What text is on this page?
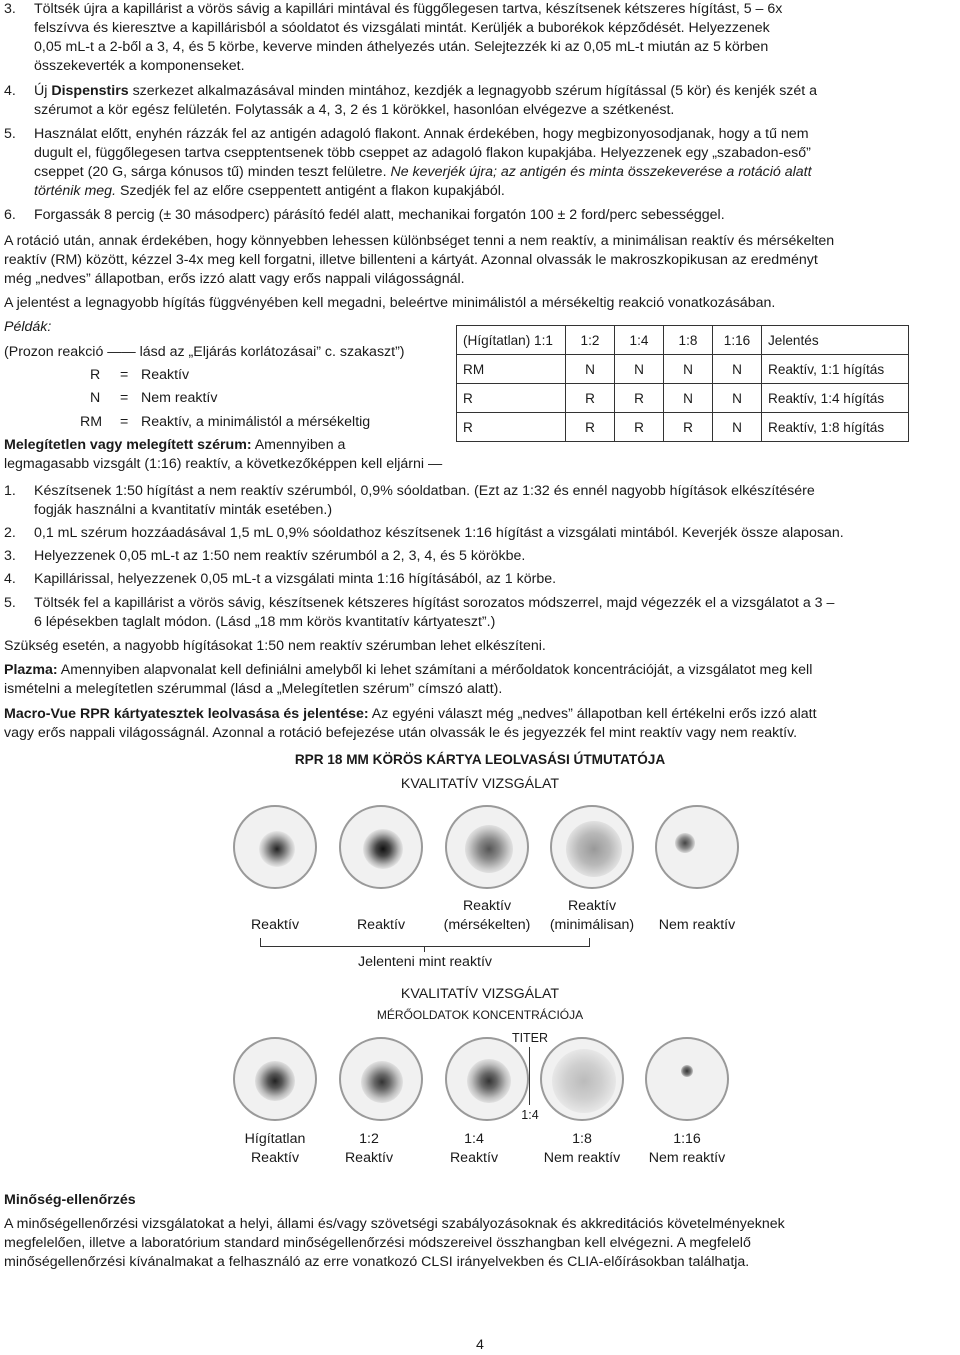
3.	Töltsék újra a kapillárist a vörös sávig a kapillári mintával és függőlegesen tartva, készítsenek kétszeres hígítást, 5 – 6x
felszívva és kieresztve a kapillárisból a sóoldatot és vizsgálati mintát. Kerüljék a buborékok képződését. Helyezzenek
0,05 mL-t a 2-ből a 3, 4, és 5 körbe, keverve minden áthelyezés után. Selejtezzék ki az 0,05 mL-t miután az 5 körben
összekeverték a komponenseket.
4.	Új Dispenstirs szerkezet alkalmazásával minden mintához, kezdjék a legnagyobb szérum hígítással (5 kör) és kenjék szét a
szérumot a kör egész felületén. Folytassák a 4, 3, 2 és 1 körökkel, hasonlóan elvégezve a szétkenést.
5.	Használat előtt, enyhén rázzák fel az antigén adagoló flakont. Annak érdekében, hogy megbizonyosodjanak, hogy a tű nem
dugult el, függőlegesen tartva csepptentsenek több cseppet az adagoló flakon kupakjába. Helyezzenek egy „szabadon-eső”
cseppet (20 G, sárga kónusos tű) minden teszt felületre. Ne keverjék újra; az antigén és minta összekeverése a rotáció alatt
történik meg. Szedjék fel az előre cseppentett antigént a flakon kupakjából.
6.	Forgassák 8 percig (± 30 másodperc) párásító fedél alatt, mechanikai forgatón 100 ± 2 ford/perc sebességgel.
A rotáció után, annak érdekében, hogy könnyebben lehessen különbséget tenni a nem reaktív, a minimálisan reaktív és mérsékelten
reaktív (RM) között, kézzel 3-4x meg kell forgatni, illetve billenteni a kártyát. Azonnal olvassák le makroszkopikusan az eredményt
még „nedves” állapotban, erős izzó alatt vagy erős nappali világosságnál.
A jelentést a legnagyobb hígítás függvényében kell megadni, beleértve minimálistól a mérsékeltig reakció vonatkozásában.
Példák:
(Prozon reakció —— lásd az „Eljárás korlátozásai” c. szakaszt”)
R = Reaktív
N = Nem reaktív
RM = Reaktív, a minimálistól a mérsékeltig
(Hígítatlan) 1:1	1:2	1:4	1:8	1:16	Jelentés
RM	N	N	N	N	Reaktív, 1:1 hígítás
R	R	R	N	N	Reaktív, 1:4 hígítás
R	R	R	R	N	Reaktív, 1:8 hígítás
Melegítetlen vagy melegített szérum: Amennyiben a
legmagasabb vizsgált (1:16) reaktív, a következőképpen kell eljárni —
1.	Készítsenek 1:50 hígítást a nem reaktív szérumból, 0,9% sóoldatban. (Ezt az 1:32 és ennél nagyobb hígítások elkészítésére
fogják használni a kvantitatív minták esetében.)
2.	0,1 mL szérum hozzáadásával 1,5 mL 0,9% sóoldathoz készítsenek 1:16 hígítást a vizsgálati mintából. Keverjék össze alaposan.
3.	Helyezzenek 0,05 mL-t az 1:50 nem reaktív szérumból a 2, 3, 4, és 5 körökbe.
4.	Kapillárissal, helyezzenek 0,05 mL-t a vizsgálati minta 1:16 hígításából, az 1 körbe.
5.	Töltsék fel a kapillárist a vörös sávig, készítsenek kétszeres hígítást sorozatos módszerrel, majd végezzék el a vizsgálatot a 3 –
6 lépésekben taglalt módon. (Lásd „18 mm körös kvantitatív kártyateszt”.)
Szükség esetén, a nagyobb hígításokat 1:50 nem reaktív szérumban lehet elkészíteni.
Plazma: Amennyiben alapvonalat kell definiálni amelyből ki lehet számítani a mérőoldatok koncentrációját, a vizsgálatot meg kell
ismételni a melegítetlen szérummal (lásd a „Melegítetlen szérum” címszó alatt).
Macro-Vue RPR kártyatesztek leolvasása és jelentése: Az egyéni választ még „nedves” állapotban kell értékelni erős izzó alatt
vagy erős nappali világosságnál. Azonnal a rotáció befejezése után olvassák le és jegyezzék fel mint reaktív vagy nem reaktív.
RPR 18 MM KÖRÖS KÁRTYA LEOLVASÁSI ÚTMUTATÓJA
KVALITATÍV VIZSGÁLAT
Reaktív	Reaktív
Reaktív
(mérsékelten)
Reaktív
(minimálisan)	Nem reaktív
Jelenteni mint reaktív
KVALITATÍV VIZSGÁLAT
MÉRŐOLDATOK KONCENTRÁCIÓJA
TITER
1:4
Hígítatlan
Reaktív
1:2
Reaktív
1:4
Reaktív
1:8
Nem reaktív
1:16
Nem reaktív
Minőség-ellenőrzés
A minőségellenőrzési vizsgálatokat a helyi, állami és/vagy szövetségi szabályozásoknak és akkreditációs követelményeknek
megfelelően, illetve a laboratórium standard minőségellenőrzési módszereivel összhangban kell elvégezni. A megfelelő
minőségellenőrzési kívánalmakat a felhasználó az erre vonatkozó CLSI irányelvekben és CLIA-előírásokban találhatja.
4
